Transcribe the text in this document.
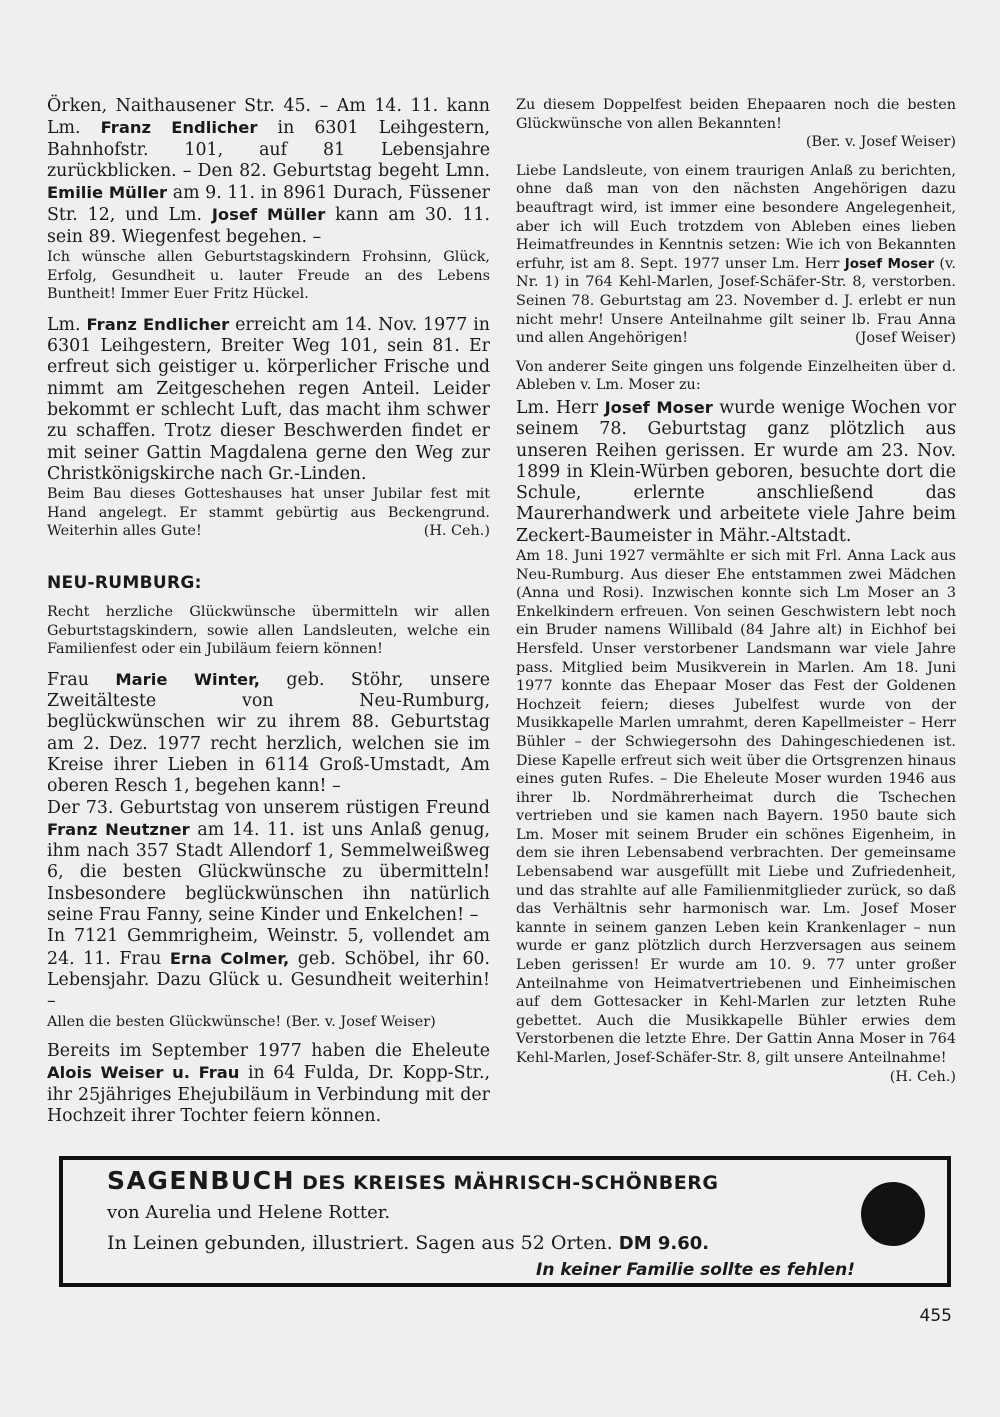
Örken, Naithausener Str. 45. – Am 14. 11. kann Lm. Franz Endlicher in 6301 Leihgestern, Bahnhofstr. 101, auf 81 Lebensjahre zurückblicken. – Den 82. Geburtstag begeht Lmn. Emilie Müller am 9. 11. in 8961 Durach, Füssener Str. 12, und Lm. Josef Müller kann am 30. 11. sein 89. Wiegenfest begehen. –

Ich wünsche allen Geburtstagskindern Frohsinn, Glück, Erfolg, Gesundheit u. lauter Freude an des Lebens Buntheit! Immer Euer Fritz Hückel.

Lm. Franz Endlicher erreicht am 14. Nov. 1977 in 6301 Leihgestern, Breiter Weg 101, sein 81. Er erfreut sich geistiger u. körperlicher Frische und nimmt am Zeitgeschehen regen Anteil. Leider bekommt er schlecht Luft, das macht ihm schwer zu schaffen. Trotz dieser Beschwerden findet er mit seiner Gattin Magdalena gerne den Weg zur Christkönigskirche nach Gr.-Linden.

Beim Bau dieses Gotteshauses hat unser Jubilar fest mit Hand angelegt. Er stammt gebürtig aus Beckengrund. Weiterhin alles Gute!	(H. Ceh.)

NEU-RUMBURG:

Recht herzliche Glückwünsche übermitteln wir allen Geburtstagskindern, sowie allen Landsleuten, welche ein Familienfest oder ein Jubiläum feiern können!

Frau Marie Winter, geb. Stöhr, unsere Zweitälteste von Neu-Rumburg, beglückwünschen wir zu ihrem 88. Geburtstag am 2. Dez. 1977 recht herzlich, welchen sie im Kreise ihrer Lieben in 6114 Groß-Umstadt, Am oberen Resch 1, begehen kann! –

Der 73. Geburtstag von unserem rüstigen Freund Franz Neutzner am 14. 11. ist uns Anlaß genug, ihm nach 357 Stadt Allendorf 1, Semmelweißweg 6, die besten Glückwünsche zu übermitteln! Insbesondere beglückwünschen ihn natürlich seine Frau Fanny, seine Kinder und Enkelchen! –

In 7121 Gemmrigheim, Weinstr. 5, vollendet am 24. 11. Frau Erna Colmer, geb. Schöbel, ihr 60. Lebensjahr. Dazu Glück u. Gesundheit weiterhin! –

Allen die besten Glückwünsche! (Ber. v. Josef Weiser)

Bereits im September 1977 haben die Eheleute Alois Weiser u. Frau in 64 Fulda, Dr. Kopp-Str., ihr 25jähriges Ehejubiläum in Verbindung mit der Hochzeit ihrer Tochter feiern können.

Zu diesem Doppelfest beiden Ehepaaren noch die besten Glückwünsche von allen Bekannten!

(Ber. v. Josef Weiser)

Liebe Landsleute, von einem traurigen Anlaß zu berichten, ohne daß man von den nächsten Angehörigen dazu beauftragt wird, ist immer eine besondere Angelegenheit, aber ich will Euch trotzdem von Ableben eines lieben Heimatfreundes in Kenntnis setzen: Wie ich von Bekannten erfuhr, ist am 8. Sept. 1977 unser Lm. Herr Josef Moser (v. Nr. 1) in 764 Kehl-Marlen, Josef-Schäfer-Str. 8, verstorben. Seinen 78. Geburtstag am 23. November d. J. erlebt er nun nicht mehr! Unsere Anteilnahme gilt seiner lb. Frau Anna und allen Angehörigen!	(Josef Weiser)

Von anderer Seite gingen uns folgende Einzelheiten über d. Ableben v. Lm. Moser zu:

Lm. Herr Josef Moser wurde wenige Wochen vor seinem 78. Geburtstag ganz plötzlich aus unseren Reihen gerissen. Er wurde am 23. Nov. 1899 in Klein-Würben geboren, besuchte dort die Schule, erlernte anschließend das Maurerhandwerk und arbeitete viele Jahre beim Zeckert-Baumeister in Mähr.-Altstadt.

Am 18. Juni 1927 vermählte er sich mit Frl. Anna Lack aus Neu-Rumburg. Aus dieser Ehe entstammen zwei Mädchen (Anna und Rosi). Inzwischen konnte sich Lm Moser an 3 Enkelkindern erfreuen. Von seinen Geschwistern lebt noch ein Bruder namens Willibald (84 Jahre alt) in Eichhof bei Hersfeld. Unser verstorbener Landsmann war viele Jahre pass. Mitglied beim Musikverein in Marlen. Am 18. Juni 1977 konnte das Ehepaar Moser das Fest der Goldenen Hochzeit feiern; dieses Jubelfest wurde von der Musikkapelle Marlen umrahmt, deren Kapellmeister – Herr Bühler – der Schwiegersohn des Dahingeschiedenen ist. Diese Kapelle erfreut sich weit über die Ortsgrenzen hinaus eines guten Rufes. – Die Eheleute Moser wurden 1946 aus ihrer lb. Nordmährerheimat durch die Tschechen vertrieben und sie kamen nach Bayern. 1950 baute sich Lm. Moser mit seinem Bruder ein schönes Eigenheim, in dem sie ihren Lebensabend verbrachten. Der gemeinsame Lebensabend war ausgefüllt mit Liebe und Zufriedenheit, und das strahlte auf alle Familienmitglieder zurück, so daß das Verhältnis sehr harmonisch war. Lm. Josef Moser kannte in seinem ganzen Leben kein Krankenlager – nun wurde er ganz plötzlich durch Herzversagen aus seinem Leben gerissen! Er wurde am 10. 9. 77 unter großer Anteilnahme von Heimatvertriebenen und Einheimischen auf dem Gottesacker in Kehl-Marlen zur letzten Ruhe gebettet. Auch die Musikkapelle Bühler erwies dem Verstorbenen die letzte Ehre. Der Gattin Anna Moser in 764 Kehl-Marlen, Josef-Schäfer-Str. 8, gilt unsere Anteilnahme!

(H. Ceh.)
SAGENBUCH DES KREISES MÄHRISCH-SCHÖNBERG
von Aurelia und Helene Rotter.
In Leinen gebunden, illustriert. Sagen aus 52 Orten. DM 9.60.
In keiner Familie sollte es fehlen!
455
